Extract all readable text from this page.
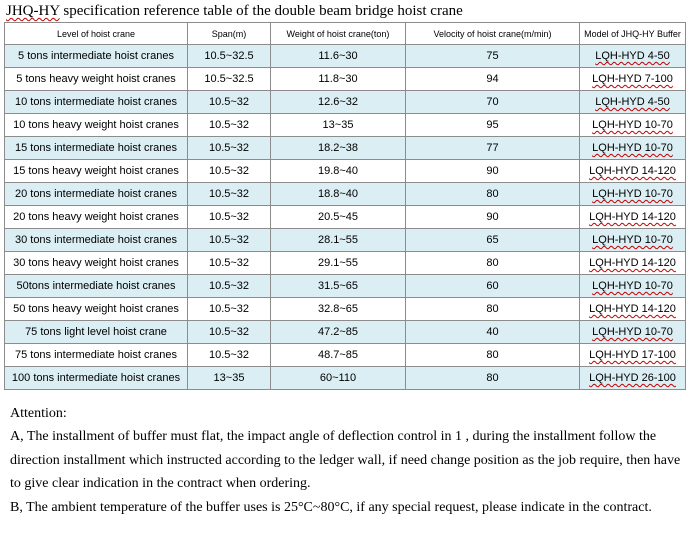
JHQ-HY specification reference table of the double beam bridge hoist crane
Level of hoist crane	Span(m)	Weight of hoist crane(ton)	Velocity of hoist crane(m/min)	Model of JHQ-HY Buffer
5 tons intermediate hoist cranes	10.5~32.5	11.6~30	75	LQH-HYD 4-50
5 tons heavy weight hoist cranes	10.5~32.5	11.8~30	94	LQH-HYD 7-100
10 tons intermediate hoist cranes	10.5~32	12.6~32	70	LQH-HYD 4-50
10 tons heavy weight hoist cranes	10.5~32	13~35	95	LQH-HYD 10-70
15 tons intermediate hoist cranes	10.5~32	18.2~38	77	LQH-HYD 10-70
15 tons heavy weight hoist cranes	10.5~32	19.8~40	90	LQH-HYD 14-120
20 tons intermediate hoist cranes	10.5~32	18.8~40	80	LQH-HYD 10-70
20 tons heavy weight hoist cranes	10.5~32	20.5~45	90	LQH-HYD 14-120
30 tons intermediate hoist cranes	10.5~32	28.1~55	65	LQH-HYD 10-70
30 tons heavy weight hoist cranes	10.5~32	29.1~55	80	LQH-HYD 14-120
50tons intermediate hoist cranes	10.5~32	31.5~65	60	LQH-HYD 10-70
50 tons heavy weight hoist cranes	10.5~32	32.8~65	80	LQH-HYD 14-120
75 tons light level hoist crane	10.5~32	47.2~85	40	LQH-HYD 10-70
75 tons intermediate hoist cranes	10.5~32	48.7~85	80	LQH-HYD 17-100
100 tons intermediate hoist cranes	13~35	60~110	80	LQH-HYD 26-100

Attention:

A, The installment of buffer must flat, the impact angle of deflection control in 1 , during the installment follow the direction installment which instructed according to the ledger wall, if need change position as the job require, then have to give clear indication in the contract when ordering.

B, The ambient temperature of the buffer uses is 25°C~80°C, if any special request, please indicate in the contract.
